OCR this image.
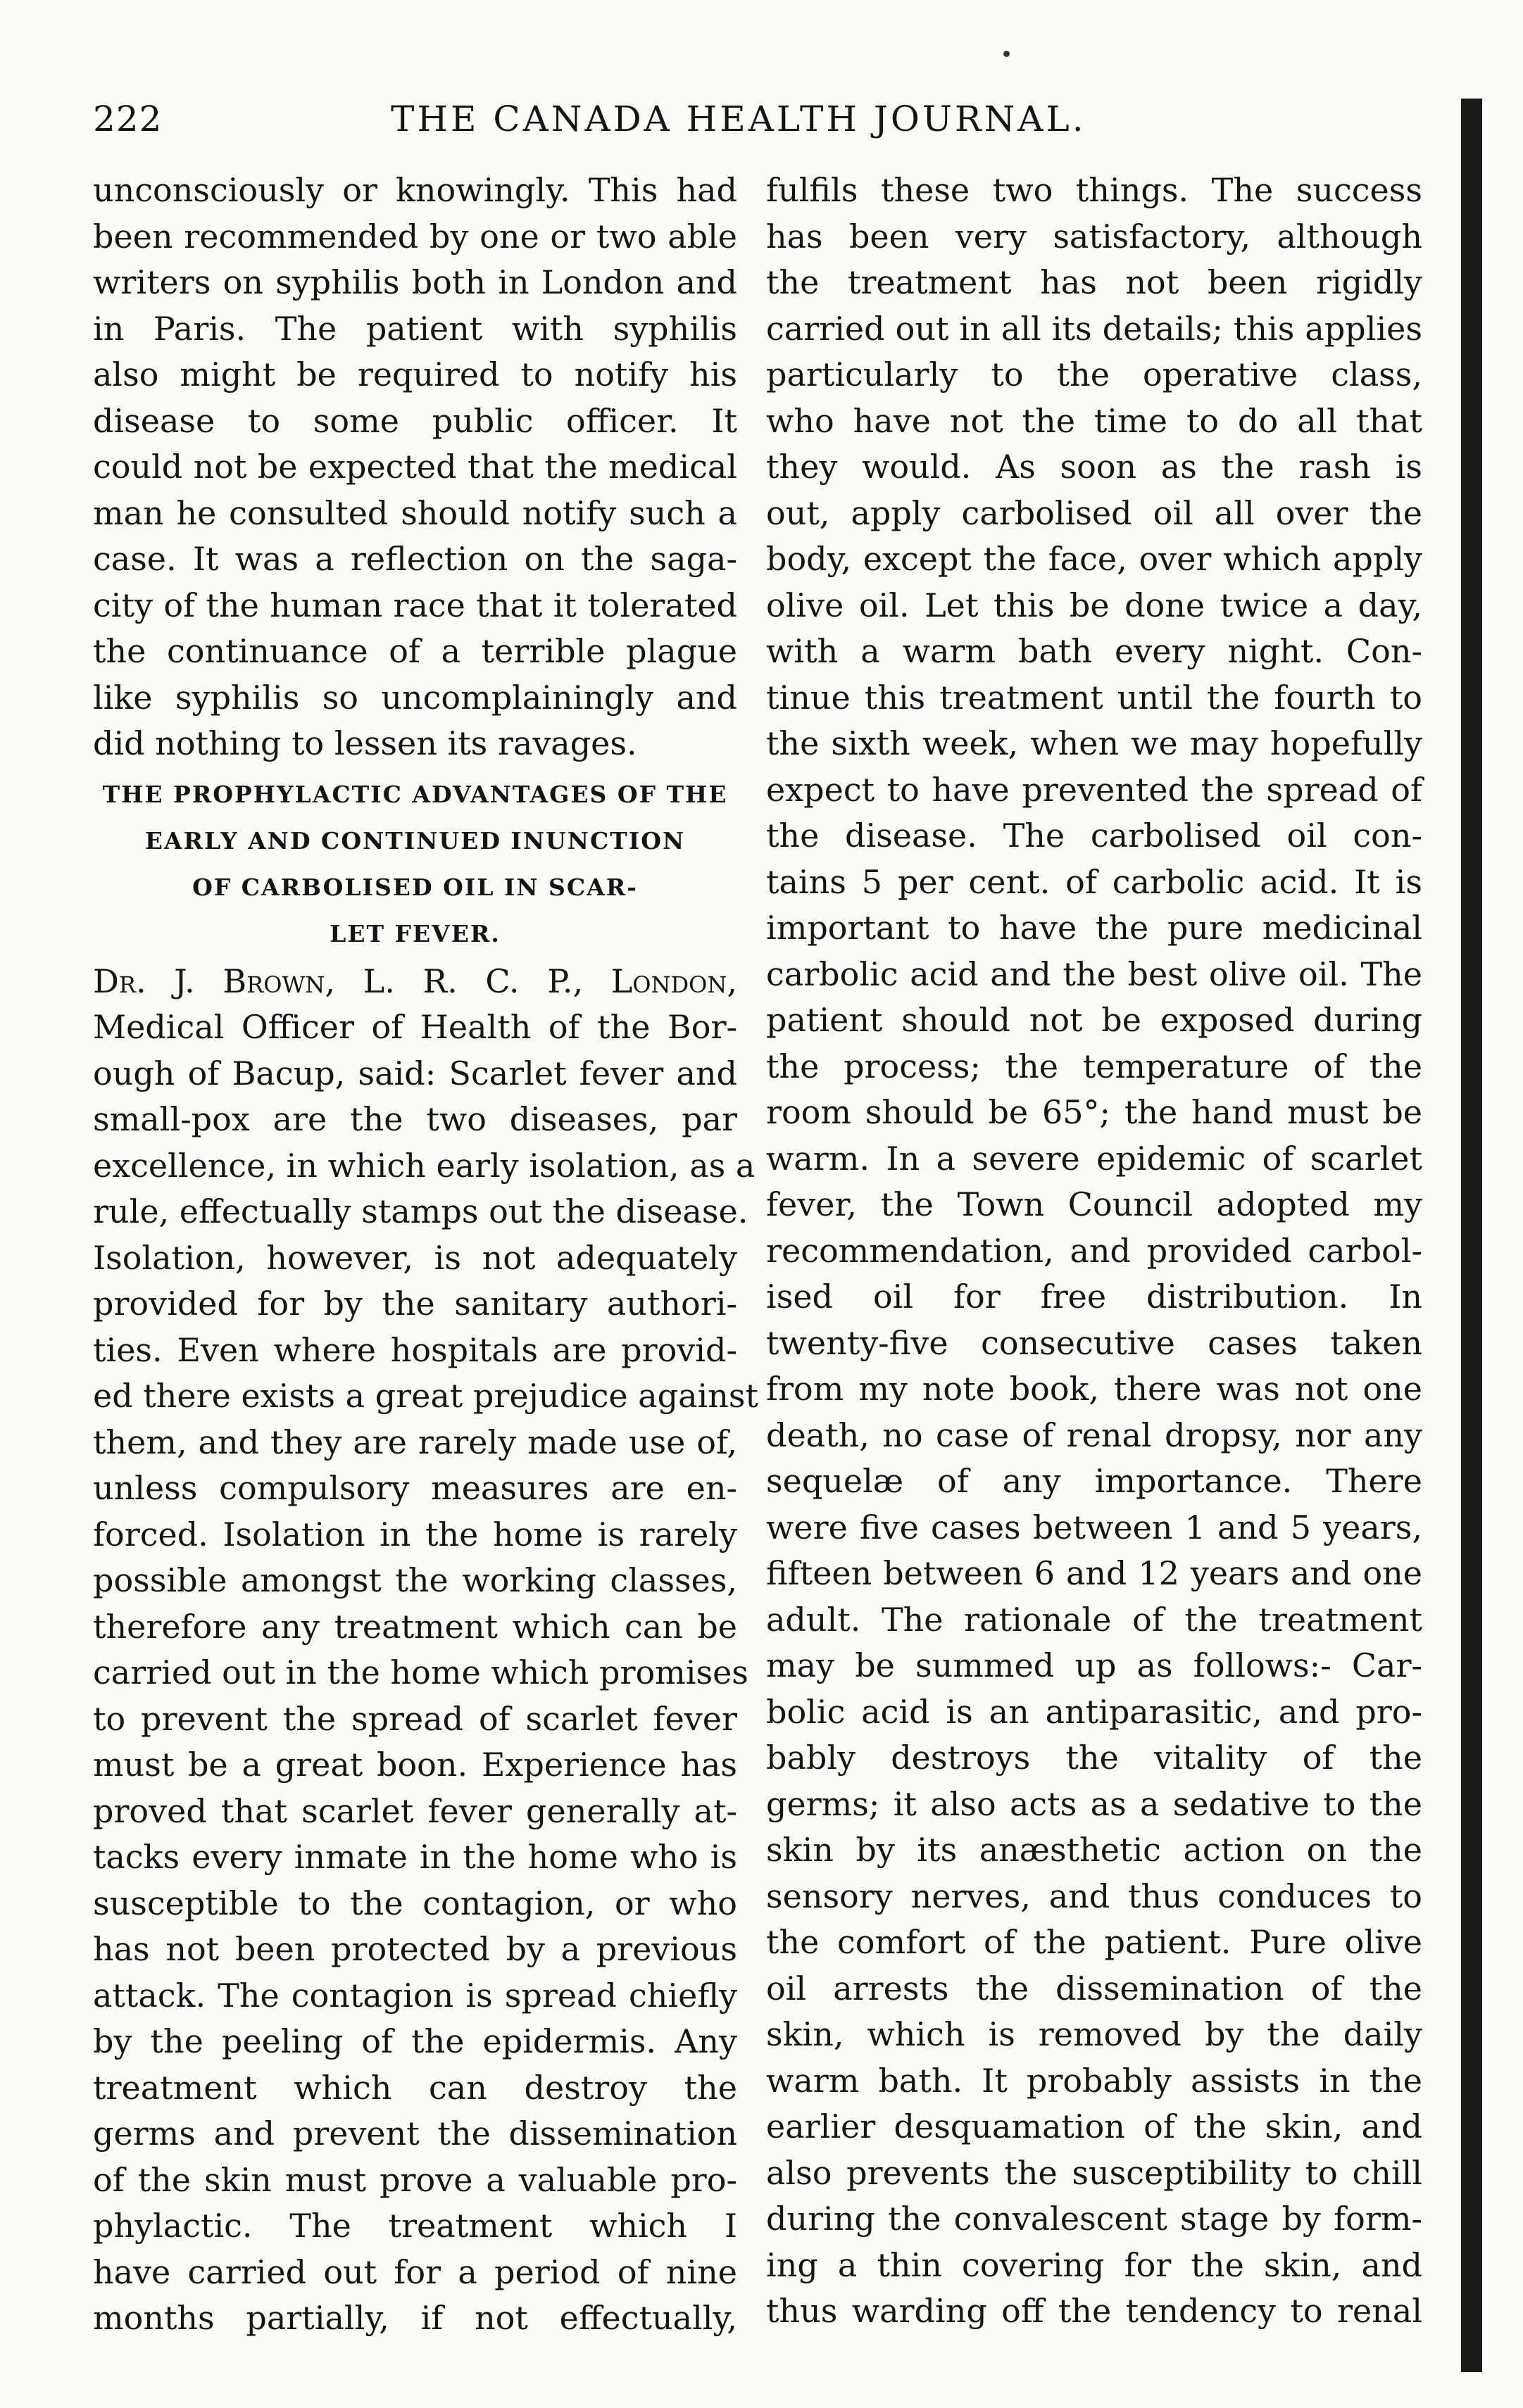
222	THE CANADA HEALTH JOURNAL.
unconsciously or knowingly. This had
been recommended by one or two able
writers on syphilis both in London and
in Paris. The patient with syphilis
also might be required to notify his
disease to some public officer. It
could not be expected that the medical
man he consulted should notify such a
case. It was a reflection on the saga-
city of the human race that it tolerated
the continuance of a terrible plague
like syphilis so uncomplainingly and
did nothing to lessen its ravages.
THE PROPHYLACTIC ADVANTAGES OF THE
EARLY AND CONTINUED INUNCTION
OF CARBOLISED OIL IN SCAR-
LET FEVER.
Dr. J. Brown, L. R. C. P., London,
Medical Officer of Health of the Bor-
ough of Bacup, said: Scarlet fever and
small-pox are the two diseases, par
excellence, in which early isolation, as a
rule, effectually stamps out the disease.
Isolation, however, is not adequately
provided for by the sanitary authori-
ties. Even where hospitals are provid-
ed there exists a great prejudice against
them, and they are rarely made use of,
unless compulsory measures are en-
forced. Isolation in the home is rarely
possible amongst the working classes,
therefore any treatment which can be
carried out in the home which promises
to prevent the spread of scarlet fever
must be a great boon. Experience has
proved that scarlet fever generally at-
tacks every inmate in the home who is
susceptible to the contagion, or who
has not been protected by a previous
attack. The contagion is spread chiefly
by the peeling of the epidermis. Any
treatment which can destroy the
germs and prevent the dissemination
of the skin must prove a valuable pro-
phylactic. The treatment which I
have carried out for a period of nine
months partially, if not effectually,
fulfils these two things. The success
has been very satisfactory, although
the treatment has not been rigidly
carried out in all its details; this applies
particularly to the operative class,
who have not the time to do all that
they would. As soon as the rash is
out, apply carbolised oil all over the
body, except the face, over which apply
olive oil. Let this be done twice a day,
with a warm bath every night. Con-
tinue this treatment until the fourth to
the sixth week, when we may hopefully
expect to have prevented the spread of
the disease. The carbolised oil con-
tains 5 per cent. of carbolic acid. It is
important to have the pure medicinal
carbolic acid and the best olive oil. The
patient should not be exposed during
the process; the temperature of the
room should be 65°; the hand must be
warm. In a severe epidemic of scarlet
fever, the Town Council adopted my
recommendation, and provided carbol-
ised oil for free distribution. In
twenty-five consecutive cases taken
from my note book, there was not one
death, no case of renal dropsy, nor any
sequelæ of any importance. There
were five cases between 1 and 5 years,
fifteen between 6 and 12 years and one
adult. The rationale of the treatment
may be summed up as follows:- Car-
bolic acid is an antiparasitic, and pro-
bably destroys the vitality of the
germs; it also acts as a sedative to the
skin by its anæsthetic action on the
sensory nerves, and thus conduces to
the comfort of the patient. Pure olive
oil arrests the dissemination of the
skin, which is removed by the daily
warm bath. It probably assists in the
earlier desquamation of the skin, and
also prevents the susceptibility to chill
during the convalescent stage by form-
ing a thin covering for the skin, and
thus warding off the tendency to renal
